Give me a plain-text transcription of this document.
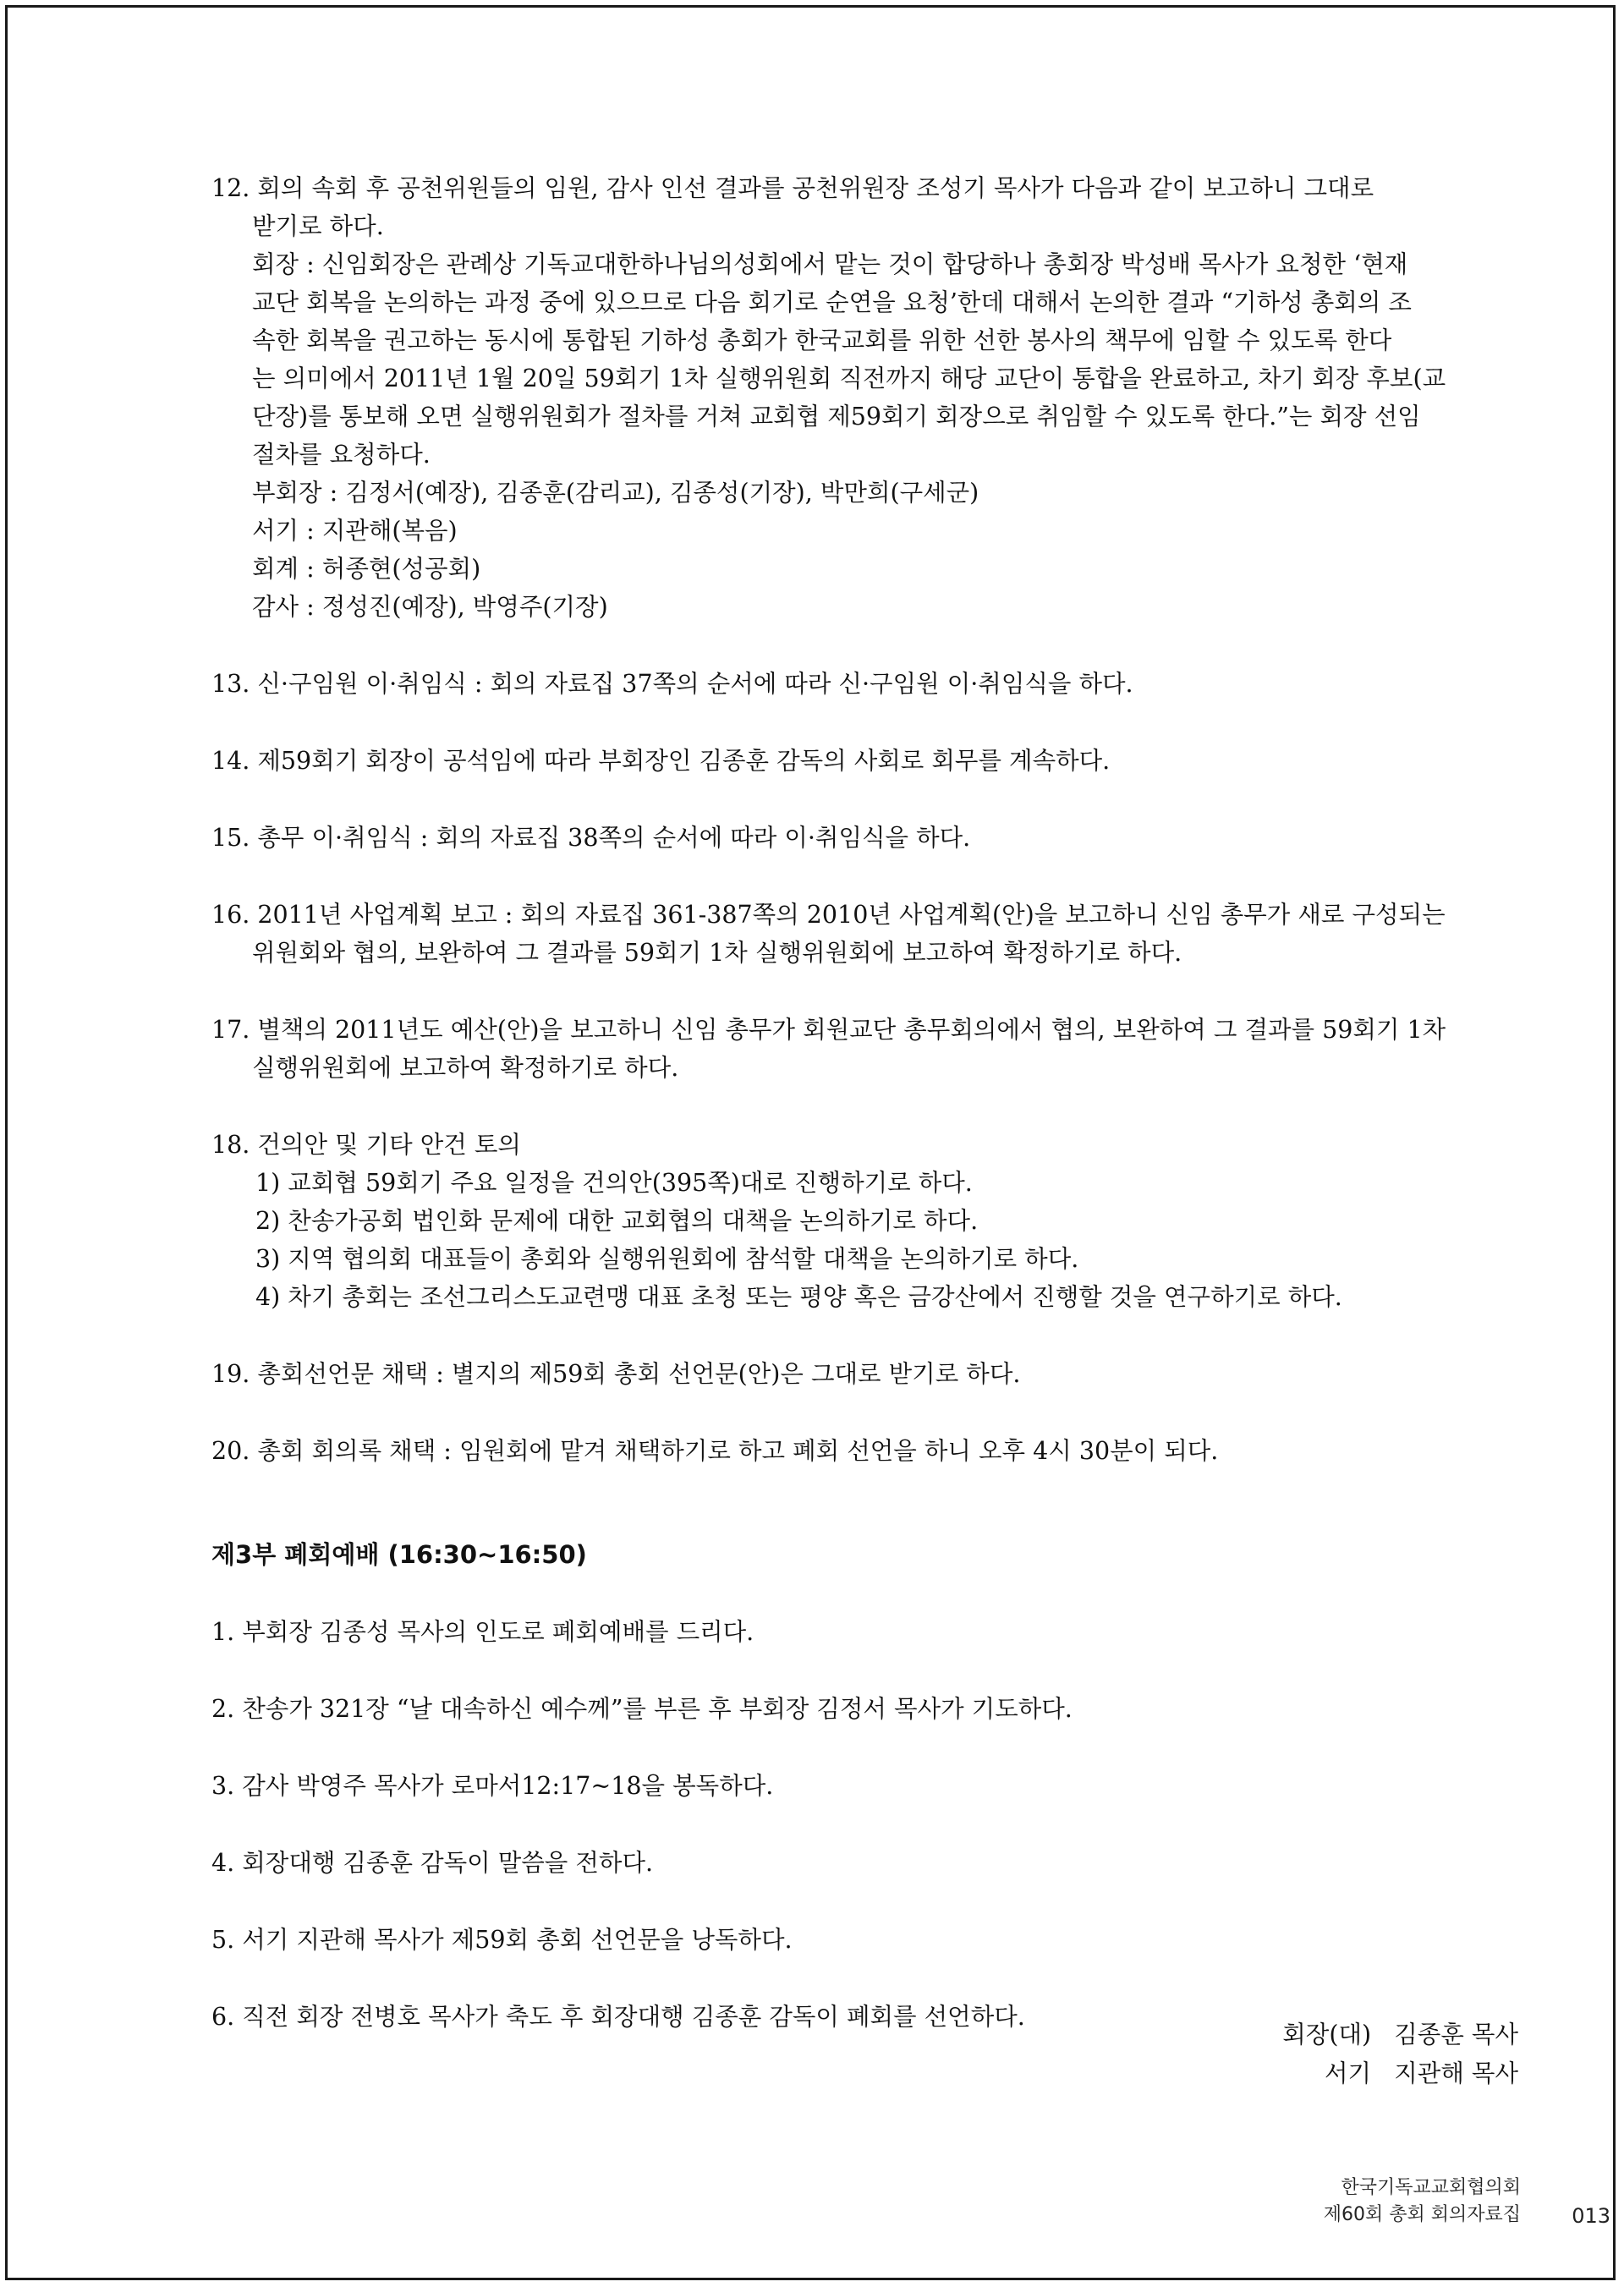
12. 회의 속회 후 공천위원들의 임원, 감사 인선 결과를 공천위원장 조성기 목사가 다음과 같이 보고하니 그대로

받기로 하다.

회장 : 신임회장은 관례상 기독교대한하나님의성회에서 맡는 것이 합당하나 총회장 박성배 목사가 요청한 ‘현재

교단 회복을 논의하는 과정 중에 있으므로 다음 회기로 순연을 요청’한데 대해서 논의한 결과 “기하성 총회의 조

속한 회복을 권고하는 동시에 통합된 기하성 총회가 한국교회를 위한 선한 봉사의 책무에 임할 수 있도록 한다

는 의미에서 2011년 1월 20일 59회기 1차 실행위원회 직전까지 해당 교단이 통합을 완료하고, 차기 회장 후보(교

단장)를 통보해 오면 실행위원회가 절차를 거쳐 교회협 제59회기 회장으로 취임할 수 있도록 한다.”는 회장 선임

절차를 요청하다.

부회장 : 김정서(예장), 김종훈(감리교), 김종성(기장), 박만희(구세군)

서기 : 지관해(복음)

회계 : 허종현(성공회)

감사 : 정성진(예장), 박영주(기장)

13. 신·구임원 이·취임식 : 회의 자료집 37쪽의 순서에 따라 신·구임원 이·취임식을 하다.

14. 제59회기 회장이 공석임에 따라 부회장인 김종훈 감독의 사회로 회무를 계속하다.

15. 총무 이·취임식 : 회의 자료집 38쪽의 순서에 따라 이·취임식을 하다.

16. 2011년 사업계획 보고 : 회의 자료집 361-387쪽의 2010년 사업계획(안)을 보고하니 신임 총무가 새로 구성되는

위원회와 협의, 보완하여 그 결과를 59회기 1차 실행위원회에 보고하여 확정하기로 하다.

17. 별책의 2011년도 예산(안)을 보고하니 신임 총무가 회원교단 총무회의에서 협의, 보완하여 그 결과를 59회기 1차

실행위원회에 보고하여 확정하기로 하다.

18. 건의안 및 기타 안건 토의

1) 교회협 59회기 주요 일정을 건의안(395쪽)대로 진행하기로 하다.

2) 찬송가공회 법인화 문제에 대한 교회협의 대책을 논의하기로 하다.

3) 지역 협의회 대표들이 총회와 실행위원회에 참석할 대책을 논의하기로 하다.

4) 차기 총회는 조선그리스도교련맹 대표 초청 또는 평양 혹은 금강산에서 진행할 것을 연구하기로 하다.

19. 총회선언문 채택 : 별지의 제59회 총회 선언문(안)은 그대로 받기로 하다.

20. 총회 회의록 채택 : 임원회에 맡겨 채택하기로 하고 폐회 선언을 하니 오후 4시 30분이 되다.

제3부 폐회예배 (16:30~16:50)

1. 부회장 김종성 목사의 인도로 폐회예배를 드리다.

2. 찬송가 321장 “날 대속하신 예수께”를 부른 후 부회장 김정서 목사가 기도하다.

3. 감사 박영주 목사가 로마서12:17~18을 봉독하다.

4. 회장대행 김종훈 감독이 말씀을 전하다.

5. 서기 지관해 목사가 제59회 총회 선언문을 낭독하다.

6. 직전 회장 전병호 목사가 축도 후 회장대행 김종훈 감독이 폐회를 선언하다.

회장(대)   김종훈 목사

서기   지관해 목사

한국기독교교회협의회

제60회 총회 회의자료집	013
